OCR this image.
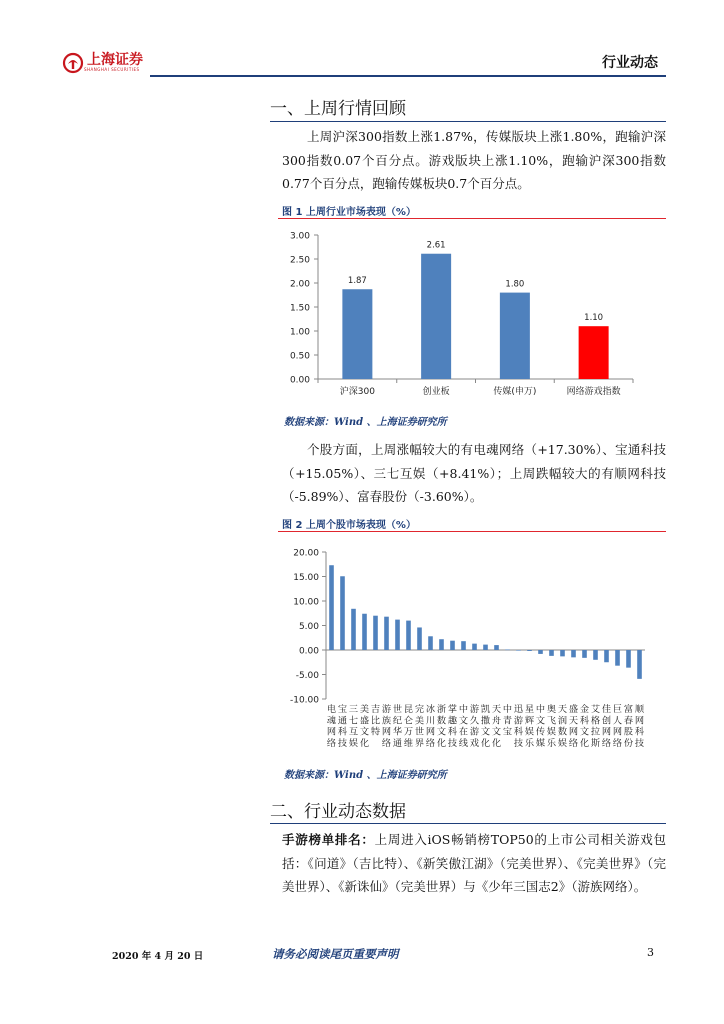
上海证券
SHANGHAI SECURITIES	行业动态
一、上周行情回顾

上周沪深300指数上涨1.87%，传媒版块上涨1.80%，跑输沪深300指数0.07个百分点。游戏版块上涨1.10%，跑输沪深300指数0.77个百分点，跑输传媒板块0.7个百分点。

图 1 上周行业市场表现（%）
0.00
0.50
1.00
1.50
2.00
2.50
3.00
1.87
沪深300
2.61
创业板
1.80
传媒(申万)
1.10
网络游戏指数
数据来源：Wind 、上海证券研究所

个股方面，上周涨幅较大的有电魂网络（+17.30%）、宝通科技（+15.05%）、三七互娱（+8.41%）；上周跌幅较大的有顺网科技（-5.89%）、富春股份（-3.60%）。

图 2 上周个股市场表现（%）
-10.00
-5.00
0.00
5.00
10.00
15.00
20.00
电魂网络
宝通科技
三七互娱
美盛文化
吉比特
游族网络
世纪华通
昆仑万维
完美世界
冰川网络
浙数文化
掌趣科技
中文在线
游久游戏
凯撒文化
天舟文化
中青宝
迅游科技
星辉娱乐
中文传媒
奥飞娱乐
天润数娱
盛天网络
金科文化
艾格拉斯
佳创网络
巨人网络
富春股份
顺网科技
数据来源：Wind 、上海证券研究所
二、行业动态数据

手游榜单排名：上周进入iOS畅销榜TOP50的上市公司相关游戏包括：《问道》（吉比特）、《新笑傲江湖》（完美世界）、《完美世界》（完美世界）、《新诛仙》（完美世界）与《少年三国志2》（游族网络）。

2020 年 4 月 20 日	请务必阅读尾页重要声明	3
